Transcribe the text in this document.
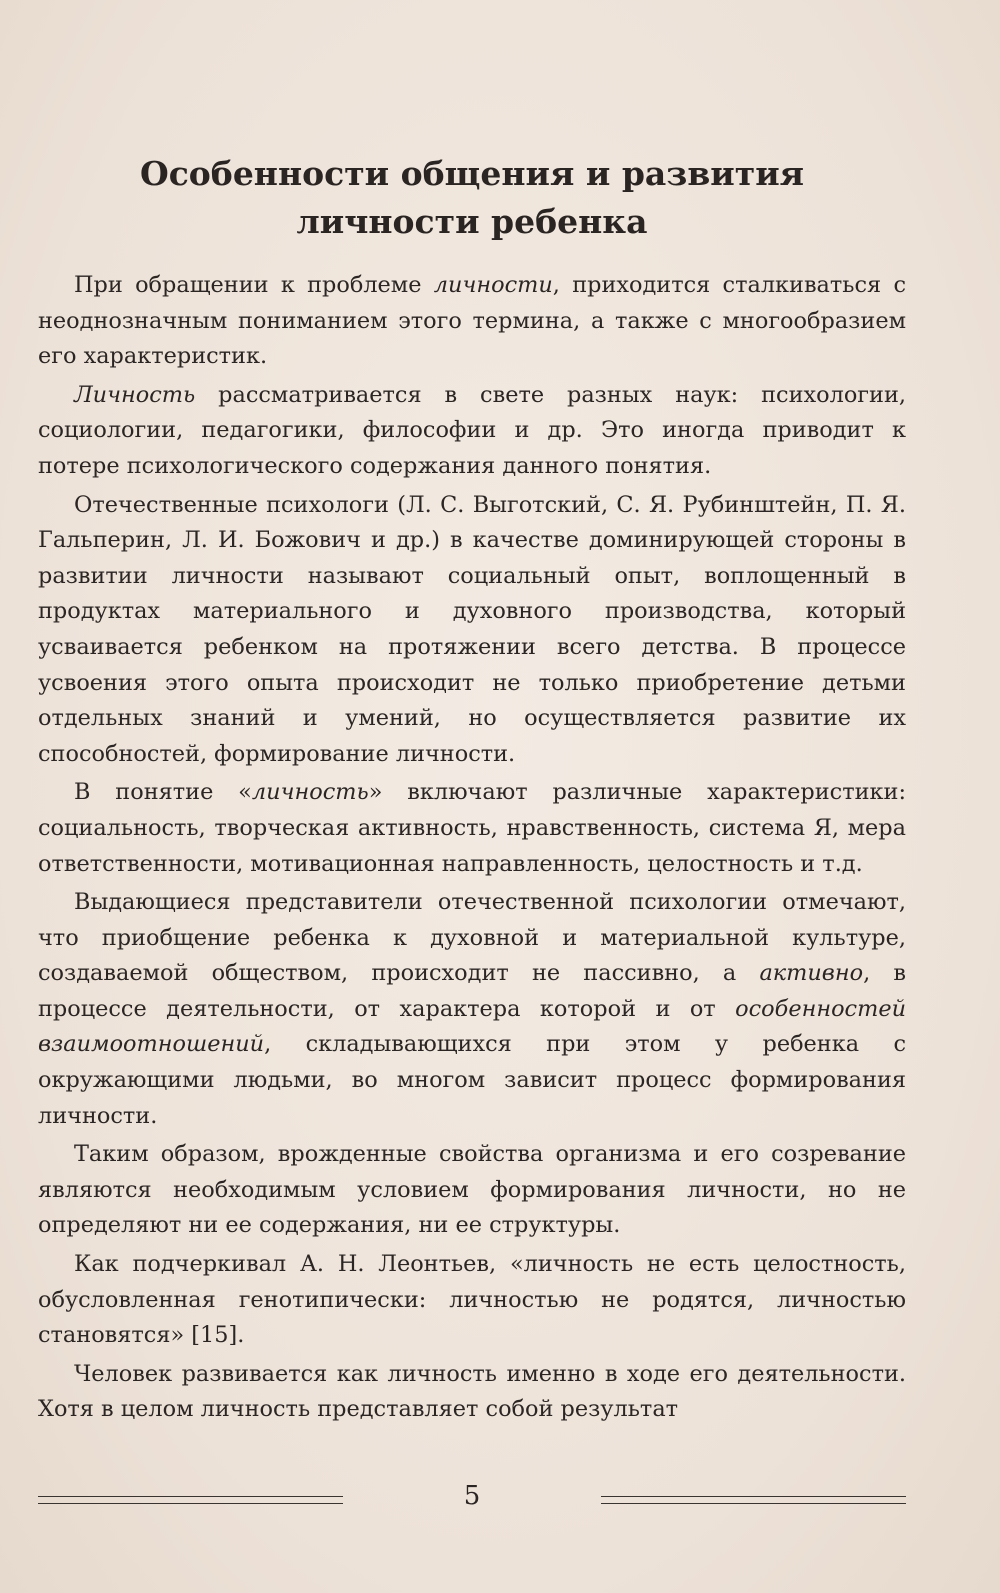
Особенности общения и развития
личности ребенка

При обращении к проблеме личности, приходится сталкиваться с неоднозначным пониманием этого термина, а также с многообразием его характеристик.

Личность рассматривается в свете разных наук: психологии, социологии, педагогики, философии и др. Это иногда приводит к потере психологического содержания данного понятия.

Отечественные психологи (Л. С. Выготский, С. Я. Рубинштейн, П. Я. Гальперин, Л. И. Божович и др.) в качестве доминирующей стороны в развитии личности называют социальный опыт, воплощенный в продуктах материального и духовного производства, который усваивается ребенком на протяжении всего детства. В процессе усвоения этого опыта происходит не только приобретение детьми отдельных знаний и умений, но осуществляется развитие их способностей, формирование личности.

В понятие «личность» включают различные характеристики: социальность, творческая активность, нравственность, система Я, мера ответственности, мотивационная направленность, целостность и т.д.

Выдающиеся представители отечественной психологии отмечают, что приобщение ребенка к духовной и материальной культуре, создаваемой обществом, происходит не пассивно, а активно, в процессе деятельности, от характера которой и от особенностей взаимоотношений, складывающихся при этом у ребенка с окружающими людьми, во многом зависит процесс формирования личности.

Таким образом, врожденные свойства организма и его созревание являются необходимым условием формирования личности, но не определяют ни ее содержания, ни ее структуры.

Как подчеркивал А. Н. Леонтьев, «личность не есть целостность, обусловленная генотипически: личностью не родятся, личностью становятся» [15].

Человек развивается как личность именно в ходе его деятельности. Хотя в целом личность представляет собой результат

5
